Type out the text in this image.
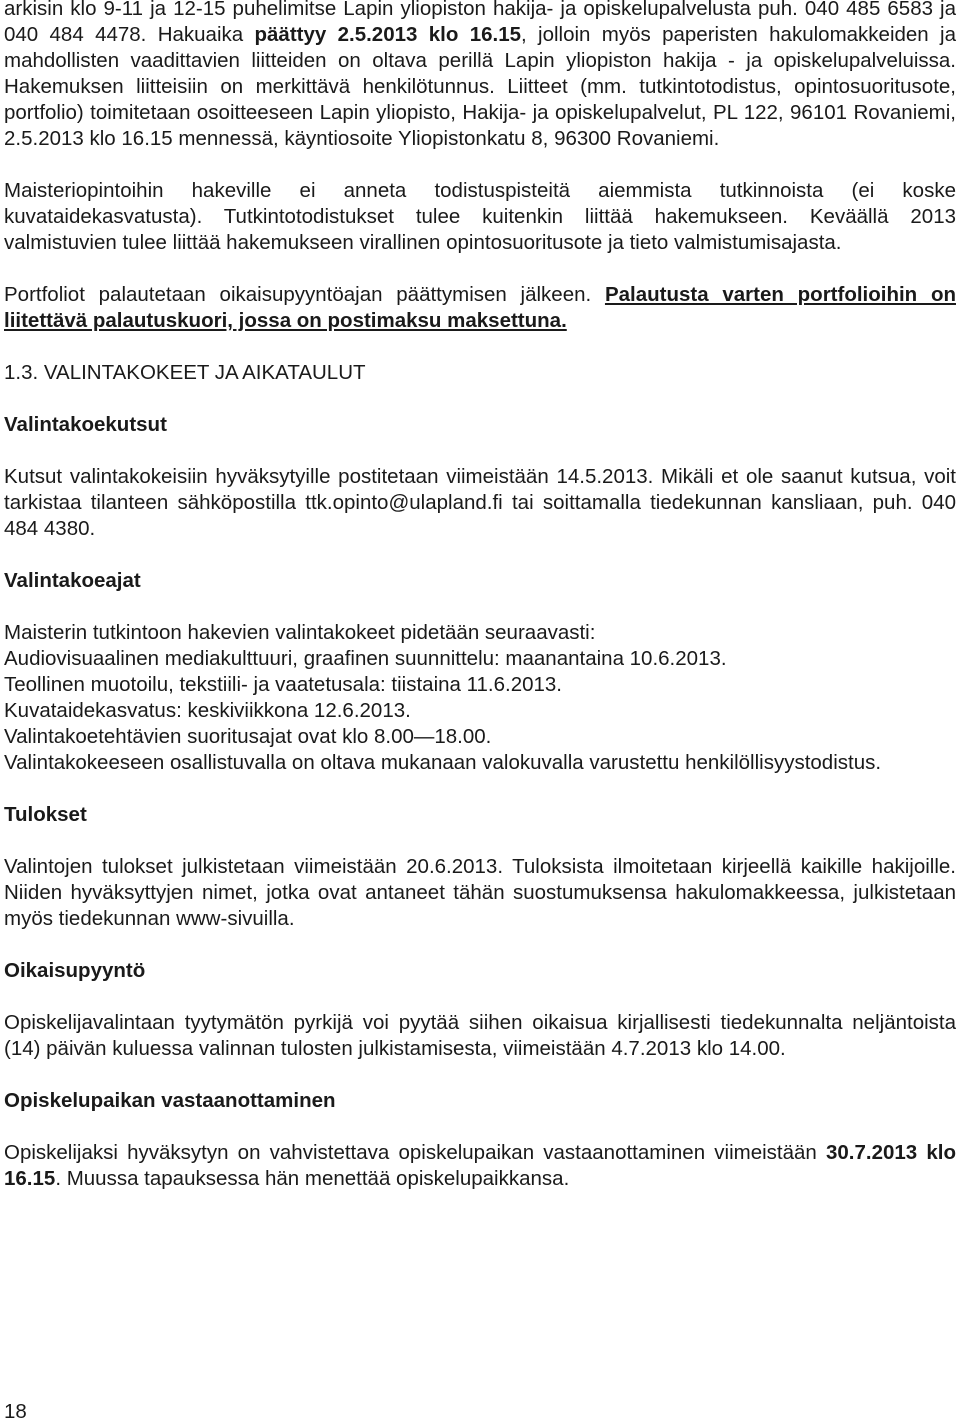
arkisin klo 9-11 ja 12-15 puhelimitse Lapin yliopiston hakija- ja opiskelupalvelusta puh. 040 485 6583 ja 040 484 4478. Hakuaika päättyy 2.5.2013 klo 16.15, jolloin myös paperisten hakulomakkeiden ja mahdollisten vaadittavien liitteiden on oltava perillä Lapin yliopiston hakija - ja opiskelupalveluissa. Hakemuksen liitteisiin on merkittävä henkilötunnus. Liitteet (mm. tutkintotodistus, opintosuoritusote, portfolio) toimitetaan osoitteeseen Lapin yliopisto, Hakija- ja opiskelupalvelut, PL 122, 96101 Rovaniemi, 2.5.2013 klo 16.15 mennessä, käyntiosoite Yliopistonkatu 8, 96300 Rovaniemi.

Maisteriopintoihin hakeville ei anneta todistuspisteitä aiemmista tutkinnoista (ei koske kuvataidekasvatusta). Tutkintotodistukset tulee kuitenkin liittää hakemukseen. Keväällä 2013 valmistuvien tulee liittää hakemukseen virallinen opintosuoritusote ja tieto valmistumisajasta.

Portfoliot palautetaan oikaisupyyntöajan päättymisen jälkeen. Palautusta varten portfolioihin on liitettävä palautuskuori, jossa on postimaksu maksettuna.

1.3. VALINTAKOKEET JA AIKATAULUT
Valintakoekutsut

Kutsut valintakokeisiin hyväksytyille postitetaan viimeistään 14.5.2013. Mikäli et ole saanut kutsua, voit tarkistaa tilanteen sähköpostilla ttk.opinto@ulapland.fi tai soittamalla tiedekunnan kansliaan, puh. 040 484 4380.

Valintakoeajat

Maisterin tutkintoon hakevien valintakokeet pidetään seuraavasti:

Audiovisuaalinen mediakulttuuri, graafinen suunnittelu: maanantaina 10.6.2013.

Teollinen muotoilu, tekstiili- ja vaatetusala: tiistaina 11.6.2013.

Kuvataidekasvatus: keskiviikkona 12.6.2013.

Valintakoetehtävien suoritusajat ovat klo 8.00—18.00.

Valintakokeeseen osallistuvalla on oltava mukanaan valokuvalla varustettu henkilöllisyystodistus.

Tulokset

Valintojen tulokset julkistetaan viimeistään 20.6.2013. Tuloksista ilmoitetaan kirjeellä kaikille hakijoille. Niiden hyväksyttyjen nimet, jotka ovat antaneet tähän suostumuksensa hakulomakkeessa, julkistetaan myös tiedekunnan www-sivuilla.

Oikaisupyyntö

Opiskelijavalintaan tyytymätön pyrkijä voi pyytää siihen oikaisua kirjallisesti tiedekunnalta neljäntoista (14) päivän kuluessa valinnan tulosten julkistamisesta, viimeistään 4.7.2013 klo 14.00.

Opiskelupaikan vastaanottaminen

Opiskelijaksi hyväksytyn on vahvistettava opiskelupaikan vastaanottaminen viimeistään 30.7.2013 klo 16.15. Muussa tapauksessa hän menettää opiskelupaikkansa.

18
